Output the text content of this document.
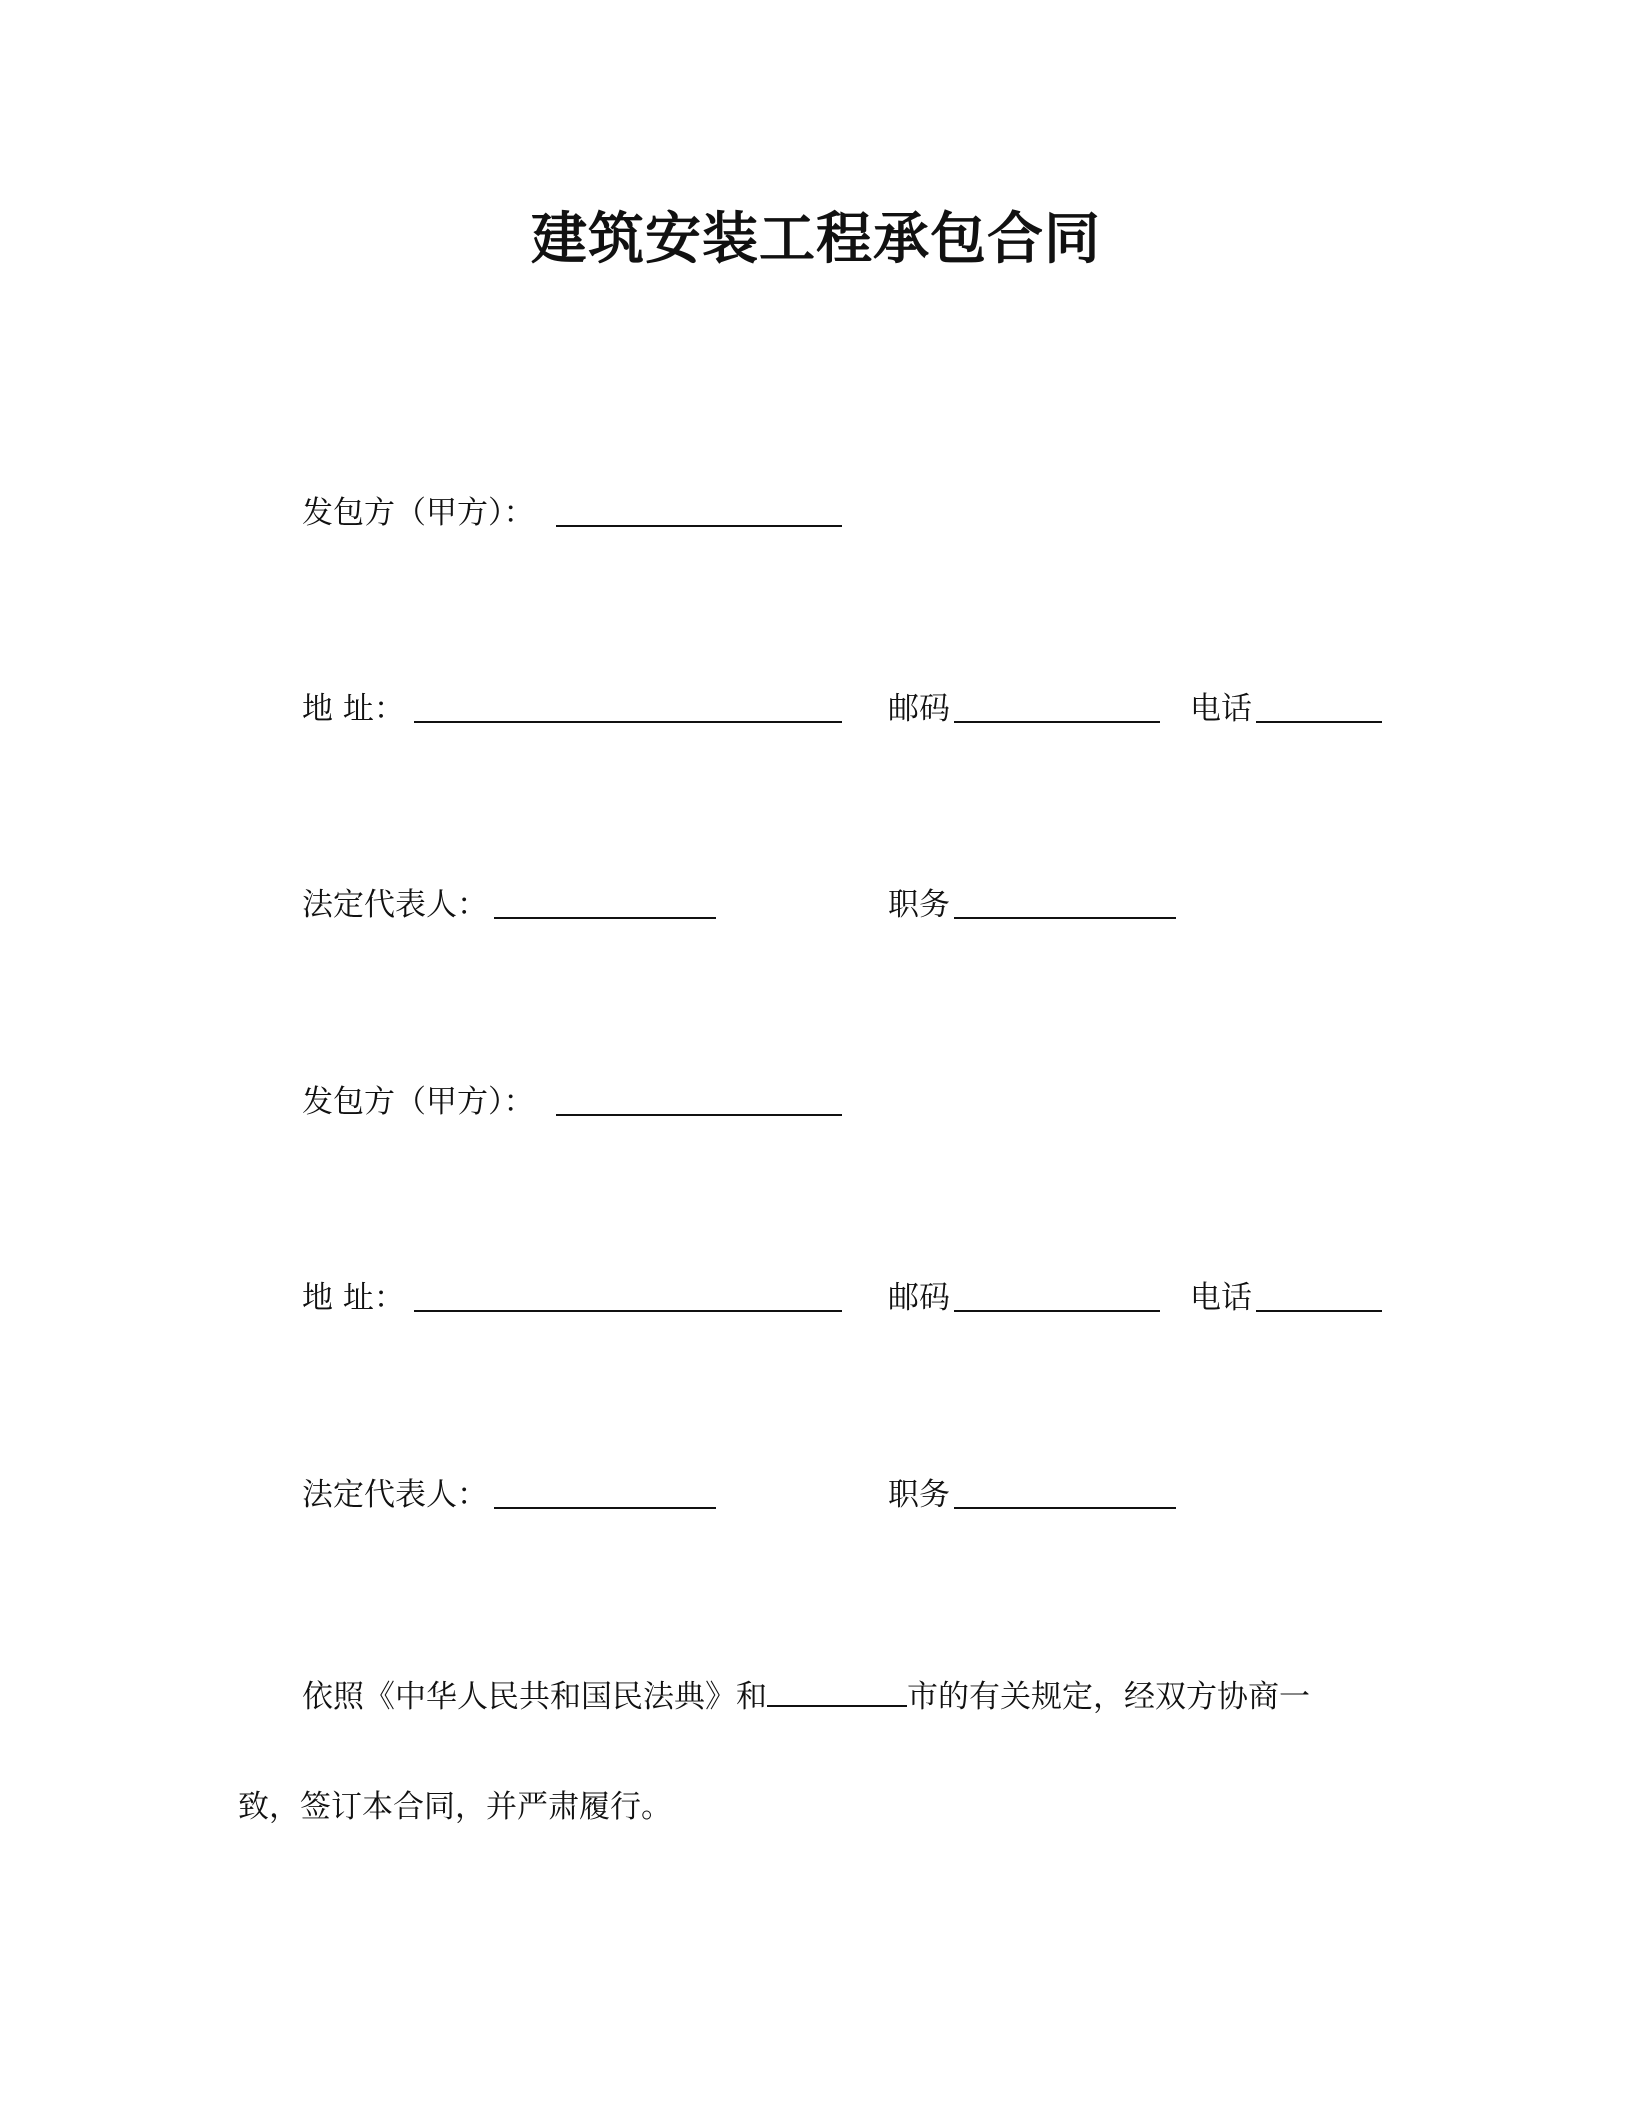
建筑安装工程承包合同
发包方（甲方）：
地 址：	邮码	电话
法定代表人：	职务
发包方（甲方）：
地 址：	邮码	电话
法定代表人：	职务
依照《中华人民共和国民法典》和	市的有关规定，经双方协商一
致，签订本合同，并严肃履行。
